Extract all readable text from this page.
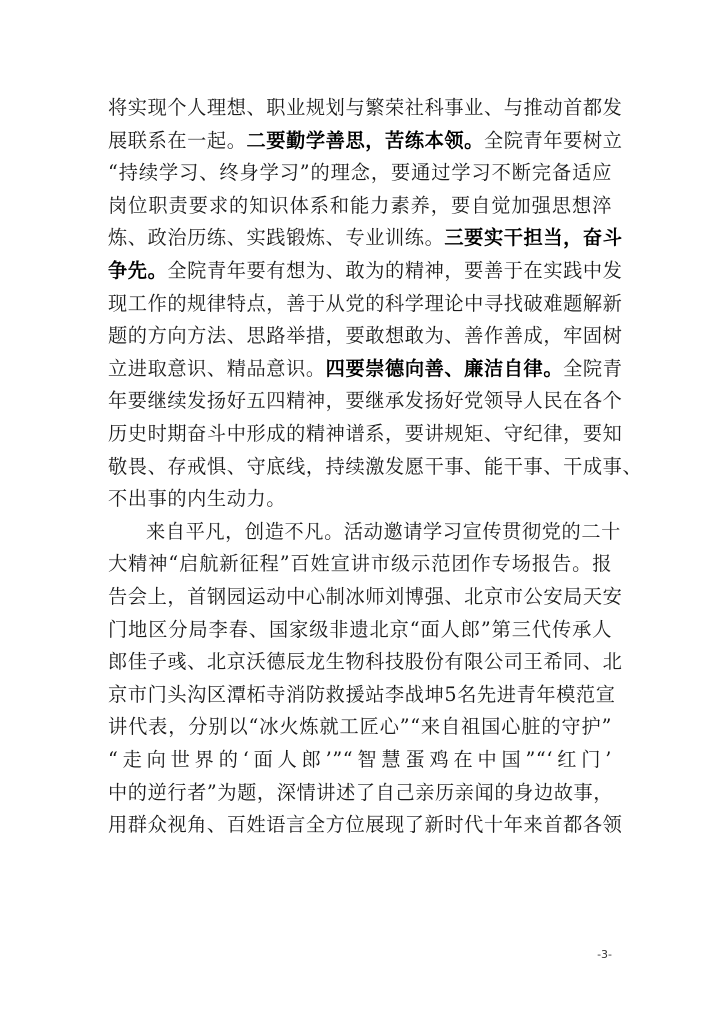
将实现个人理想、职业规划与繁荣社科事业、与推动首都发
展联系在一起。二要勤学善思，苦练本领。全院青年要树立
“持续学习、终身学习”的理念，要通过学习不断完备适应
岗位职责要求的知识体系和能力素养，要自觉加强思想淬
炼、政治历练、实践锻炼、专业训练。三要实干担当，奋斗
争先。全院青年要有想为、敢为的精神，要善于在实践中发
现工作的规律特点，善于从党的科学理论中寻找破难题解新
题的方向方法、思路举措，要敢想敢为、善作善成，牢固树
立进取意识、精品意识。四要崇德向善、廉洁自律。全院青
年要继续发扬好五四精神，要继承发扬好党领导人民在各个
历史时期奋斗中形成的精神谱系，要讲规矩、守纪律，要知
敬畏、存戒惧、守底线，持续激发愿干事、能干事、干成事、
不出事的内生动力。
来自平凡，创造不凡。活动邀请学习宣传贯彻党的二十
大精神“启航新征程”百姓宣讲市级示范团作专场报告。报
告会上，首钢园运动中心制冰师刘博强、北京市公安局天安
门地区分局李春、国家级非遗北京“面人郎”第三代传承人
郎佳子彧、北京沃德辰龙生物科技股份有限公司王希同、北
京市门头沟区潭柘寺消防救援站李战坤5名先进青年模范宣
讲代表，分别以“冰火炼就工匠心”“来自祖国心脏的守护”
“走向世界的‘面人郎’”“智慧蛋鸡在中国”“‘红门’
中的逆行者”为题，深情讲述了自己亲历亲闻的身边故事，
用群众视角、百姓语言全方位展现了新时代十年来首都各领
-3-
